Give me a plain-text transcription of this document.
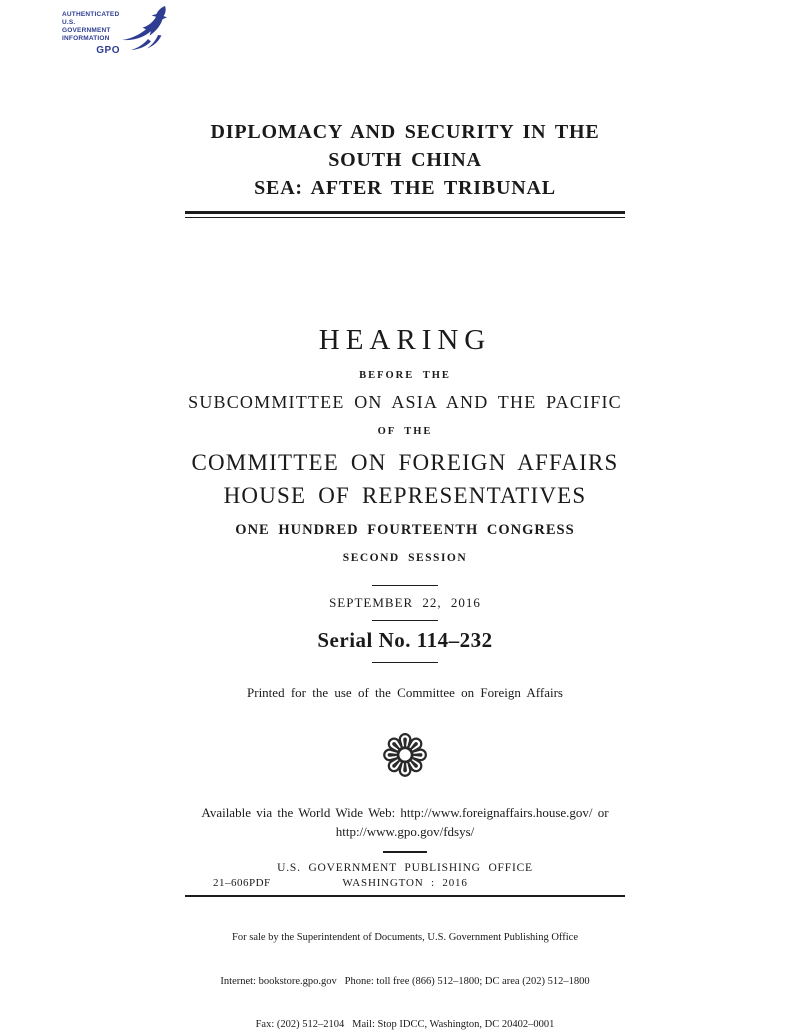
AUTHENTICATED
U.S. GOVERNMENT
INFORMATION
GPO
DIPLOMACY AND SECURITY IN THE SOUTH CHINA
SEA: AFTER THE TRIBUNAL
HEARING
BEFORE THE
SUBCOMMITTEE ON ASIA AND THE PACIFIC
OF THE
COMMITTEE ON FOREIGN AFFAIRS
HOUSE OF REPRESENTATIVES
ONE HUNDRED FOURTEENTH CONGRESS
SECOND SESSION
SEPTEMBER 22, 2016
Serial No. 114–232
Printed for the use of the Committee on Foreign Affairs
❁
Available via the World Wide Web: http://www.foreignaffairs.house.gov/ or
http://www.gpo.gov/fdsys/
U.S. GOVERNMENT PUBLISHING OFFICE
21–606PDF	WASHINGTON : 2016

For sale by the Superintendent of Documents, U.S. Government Publishing Office

Internet: bookstore.gpo.gov   Phone: toll free (866) 512–1800; DC area (202) 512–1800

Fax: (202) 512–2104   Mail: Stop IDCC, Washington, DC 20402–0001
